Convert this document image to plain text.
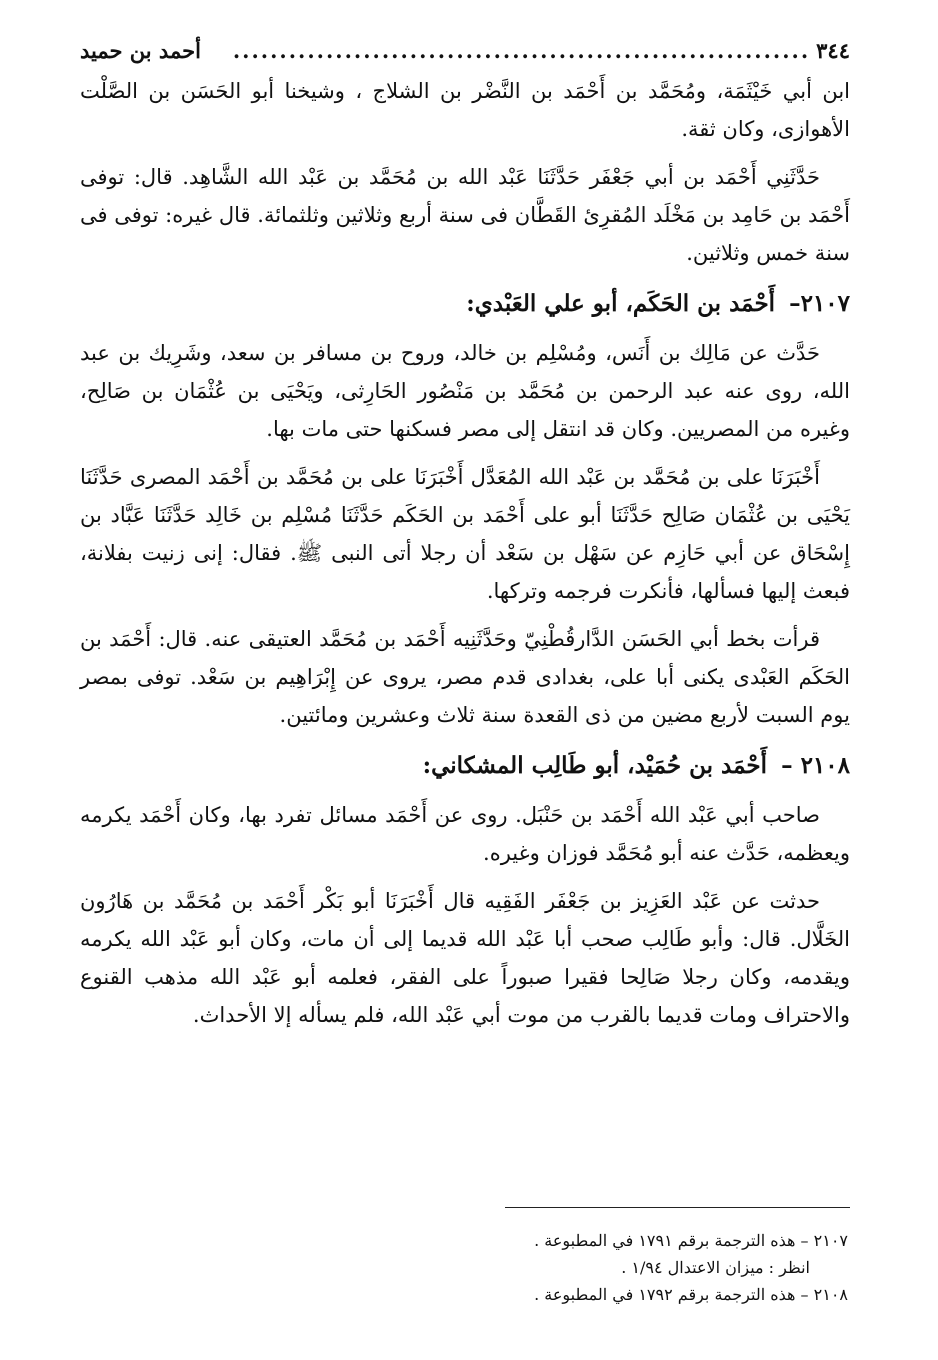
٣٤٤
..............................................................
أحمد بن حميد

ابن أبي خَيْثَمَة، ومُحَمَّد بن أَحْمَد بن النَّضْر بن الشلاج ، وشيخنا أبو الحَسَن بن الصَّلْت الأهوازى، وكان ثقة.

حَدَّثَنِي أَحْمَد بن أبي جَعْفَر حَدَّثَنَا عَبْد الله بن مُحَمَّد بن عَبْد الله الشَّاهِد. قال: توفى أَحْمَد بن حَامِد بن مَخْلَد المُقرِئ القَطَّان فى سنة أربع وثلاثين وثلثمائة. قال غيره: توفى فى سنة خمس وثلاثين.

٢١٠٧– أَحْمَد بن الحَكَم، أبو علي العَبْدي:

حَدَّث عن مَالِك بن أَنَس، ومُسْلِم بن خالد، وروح بن مسافر بن سعد، وشَرِيك بن عبد الله، روى عنه عبد الرحمن بن مُحَمَّد بن مَنْصُور الحَارِثى، ويَحْيَى بن عُثْمَان بن صَالِح، وغيره من المصريين. وكان قد انتقل إلى مصر فسكنها حتى مات بها.

أَخْبَرَنَا على بن مُحَمَّد بن عَبْد الله المُعَدَّل أَخْبَرَنَا على بن مُحَمَّد بن أَحْمَد المصرى حَدَّثَنَا يَحْيَى بن عُثْمَان صَالِح حَدَّثَنَا أبو على أَحْمَد بن الحَكَم حَدَّثَنَا مُسْلِم بن خَالِد حَدَّثَنَا عَبَّاد بن إِسْحَاق عن أبي حَازِم عن سَهْل بن سَعْد أن رجلا أتى النبى ﷺ. فقال: إنى زنيت بفلانة، فبعث إليها فسألها، فأنكرت فرجمه وتركها.

قرأت بخط أبي الحَسَن الدَّارقُطْنِيّ وحَدَّثَنِيه أَحْمَد بن مُحَمَّد العتيقى عنه. قال: أَحْمَد بن الحَكَم العَبْدى يكنى أبا على، بغدادى قدم مصر، يروى عن إِبْرَاهِيم بن سَعْد. توفى بمصر يوم السبت لأربع مضين من ذى القعدة سنة ثلاث وعشرين ومائتين.

٢١٠٨ – أَحْمَد بن حُمَيْد، أبو طَالِب المشكاني:

صاحب أبي عَبْد الله أَحْمَد بن حَنْبَل. روى عن أَحْمَد مسائل تفرد بها، وكان أَحْمَد يكرمه ويعظمه، حَدَّث عنه أبو مُحَمَّد فوزان وغيره.

حدثت عن عَبْد العَزِيز بن جَعْفَر الفَقِيه قال أَخْبَرَنَا أبو بَكْر أَحْمَد بن مُحَمَّد بن هَارُون الخَلَّال. قال: وأبو طَالِب صحب أبا عَبْد الله قديما إلى أن مات، وكان أبو عَبْد الله يكرمه ويقدمه، وكان رجلا صَالِحا فقيرا صبوراً على الفقر، فعلمه أبو عَبْد الله مذهب القنوع والاحتراف ومات قديما بالقرب من موت أبي عَبْد الله، فلم يسأله إلا الأحداث.

٢١٠٧ – هذه الترجمة برقم ١٧٩١ في المطبوعة .
انظر : ميزان الاعتدال ١/٩٤ .
٢١٠٨ – هذه الترجمة برقم ١٧٩٢ في المطبوعة .
